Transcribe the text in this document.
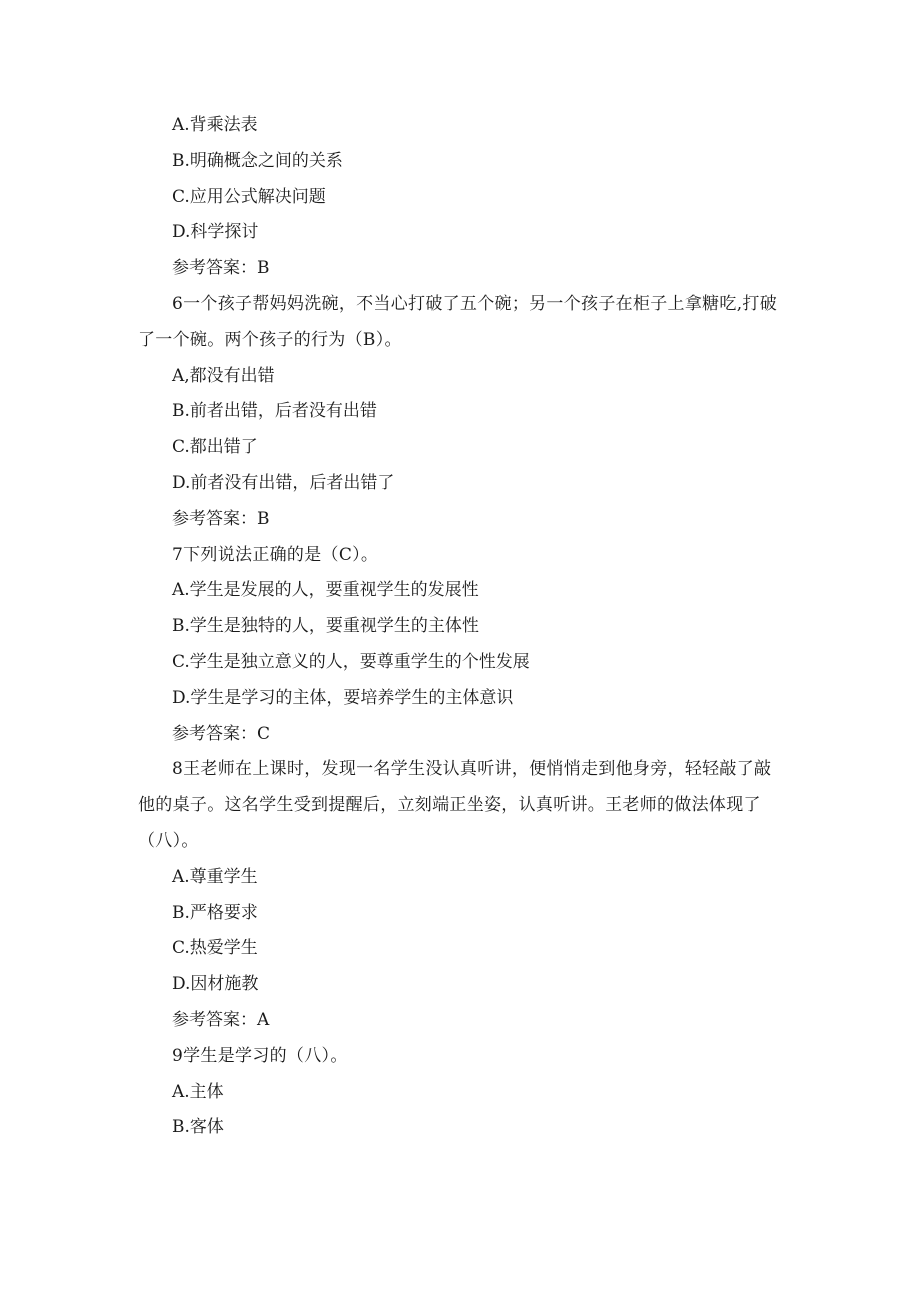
A.背乘法表
B.明确概念之间的关系
C.应用公式解决问题
D.科学探讨
参考答案：B
6一个孩子帮妈妈洗碗，不当心打破了五个碗；另一个孩子在柜子上拿糖吃,打破了一个碗。两个孩子的行为（B）。
A,都没有出错
B.前者出错，后者没有出错
C.都出错了
D.前者没有出错，后者出错了
参考答案：B
7下列说法正确的是（C）。
A.学生是发展的人，要重视学生的发展性
B.学生是独特的人，要重视学生的主体性
C.学生是独立意义的人，要尊重学生的个性发展
D.学生是学习的主体，要培养学生的主体意识
参考答案：C
8王老师在上课时，发现一名学生没认真听讲，便悄悄走到他身旁，轻轻敲了敲他的桌子。这名学生受到提醒后，立刻端正坐姿，认真听讲。王老师的做法体现了（八）。
A.尊重学生
B.严格要求
C.热爱学生
D.因材施教
参考答案：A
9学生是学习的（八）。
A.主体
B.客体
